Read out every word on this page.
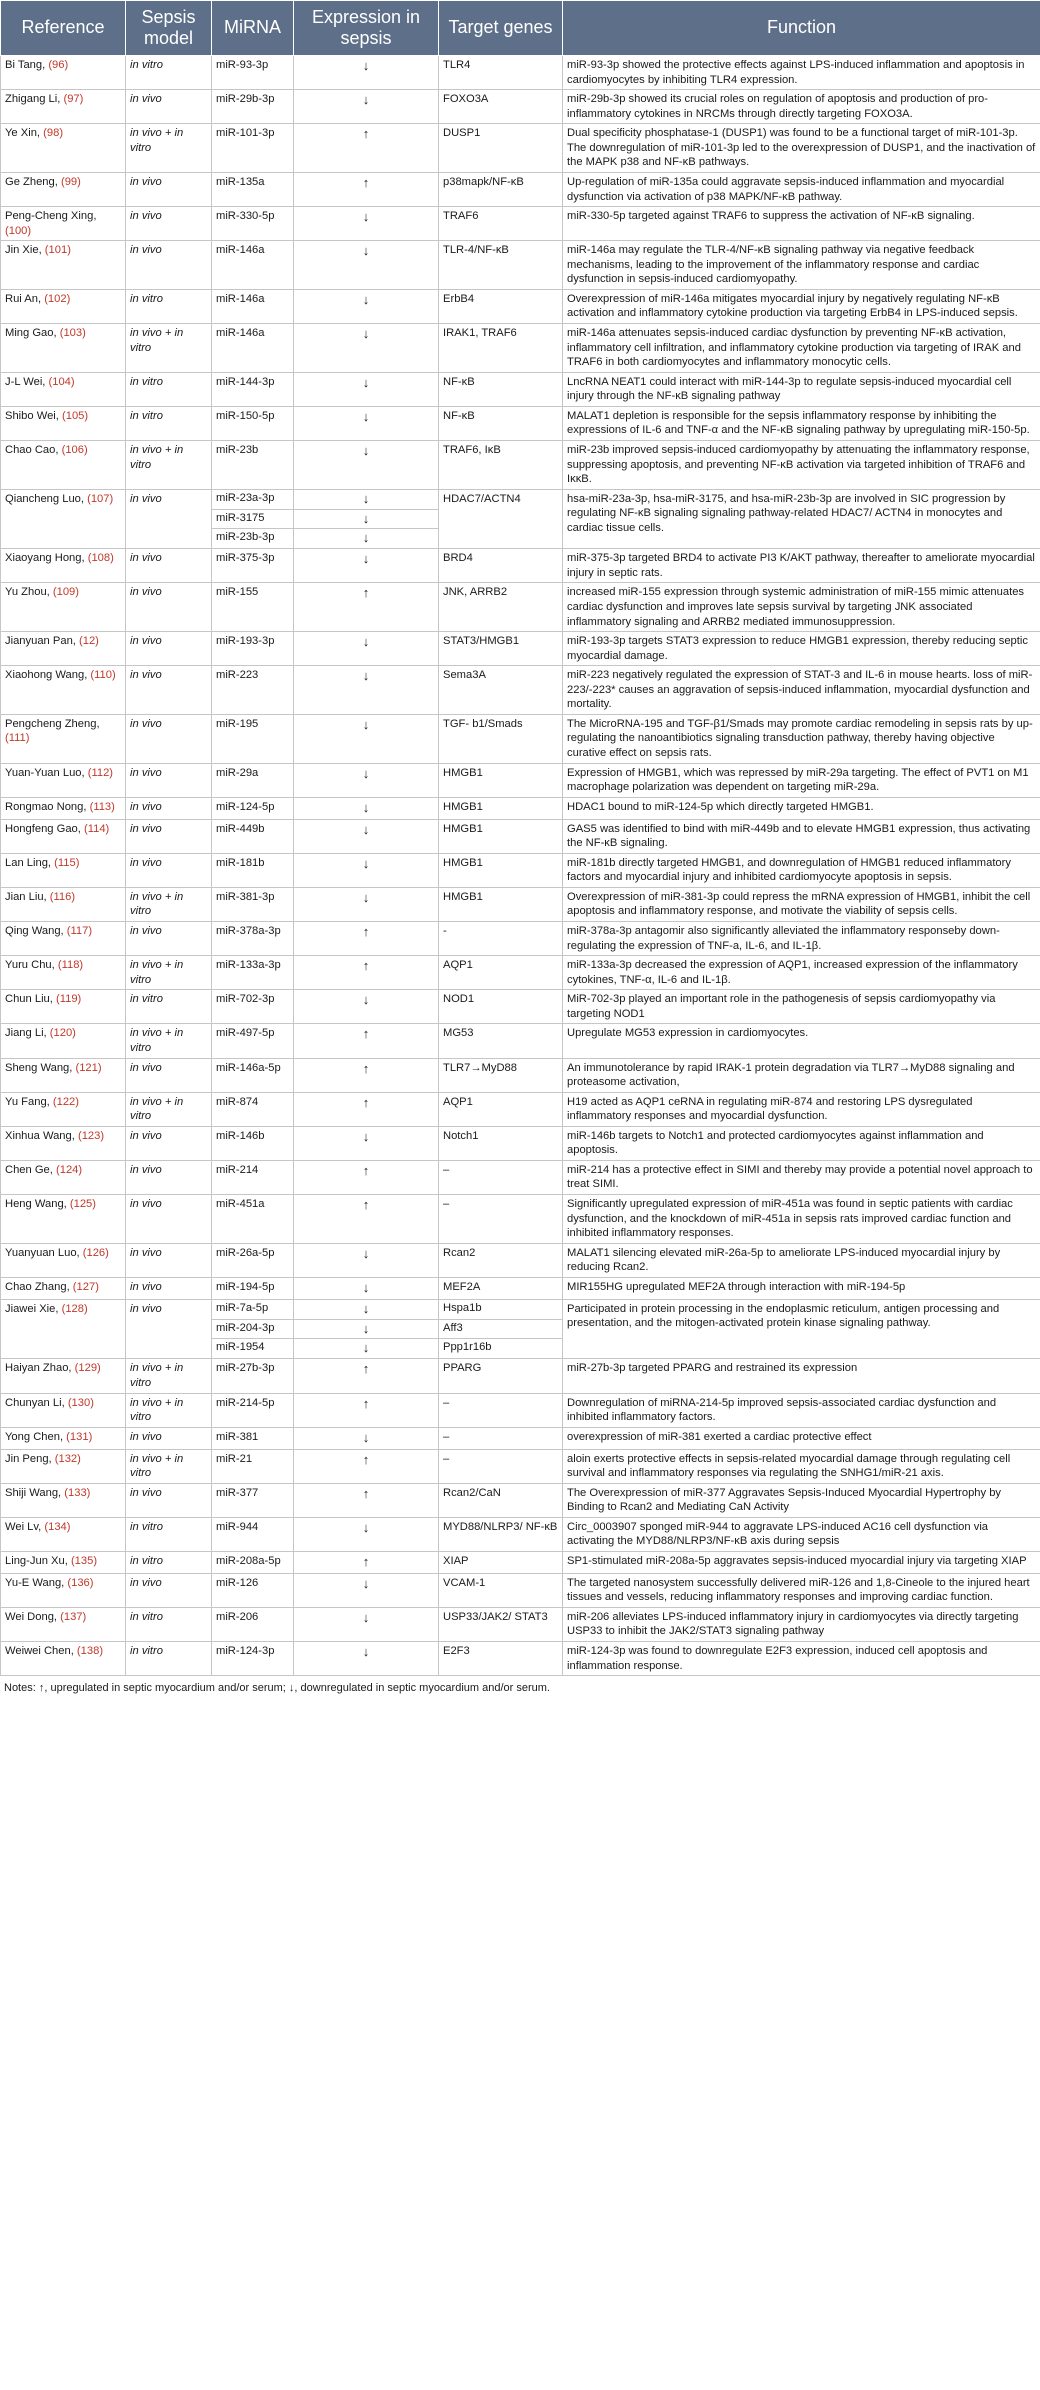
Reference	Sepsis model	MiRNA	Expression in sepsis	Target genes	Function
Bi Tang, (96)	in vitro	miR-93-3p	↓	TLR4	miR-93-3p showed the protective effects against LPS-induced inflammation and apoptosis in cardiomyocytes by inhibiting TLR4 expression.
Zhigang Li, (97)	in vivo	miR-29b-3p	↓	FOXO3A	miR-29b-3p showed its crucial roles on regulation of apoptosis and production of pro-inflammatory cytokines in NRCMs through directly targeting FOXO3A.
Ye Xin, (98)	in vivo + in vitro	miR-101-3p	↑	DUSP1	Dual specificity phosphatase-1 (DUSP1) was found to be a functional target of miR-101-3p. The downregulation of miR-101-3p led to the overexpression of DUSP1, and the inactivation of the MAPK p38 and NF-κB pathways.
Ge Zheng, (99)	in vivo	miR-135a	↑	p38mapk/NF-κB	Up-regulation of miR-135a could aggravate sepsis-induced inflammation and myocardial dysfunction via activation of p38 MAPK/NF-κB pathway.
Peng-Cheng Xing, (100)	in vivo	miR-330-5p	↓	TRAF6	miR-330-5p targeted against TRAF6 to suppress the activation of NF-κB signaling.
Jin Xie, (101)	in vivo	miR-146a	↓	TLR-4/NF-κB	miR-146a may regulate the TLR-4/NF-κB signaling pathway via negative feedback mechanisms, leading to the improvement of the inflammatory response and cardiac dysfunction in sepsis-induced cardiomyopathy.
Rui An, (102)	in vitro	miR-146a	↓	ErbB4	Overexpression of miR-146a mitigates myocardial injury by negatively regulating NF-κB activation and inflammatory cytokine production via targeting ErbB4 in LPS-induced sepsis.
Ming Gao, (103)	in vivo + in vitro	miR-146a	↓	IRAK1, TRAF6	miR-146a attenuates sepsis-induced cardiac dysfunction by preventing NF-κB activation, inflammatory cell infiltration, and inflammatory cytokine production via targeting of IRAK and TRAF6 in both cardiomyocytes and inflammatory monocytic cells.
J-L Wei, (104)	in vitro	miR-144-3p	↓	NF-κB	LncRNA NEAT1 could interact with miR-144-3p to regulate sepsis-induced myocardial cell injury through the NF-κB signaling pathway
Shibo Wei, (105)	in vitro	miR-150-5p	↓	NF-κB	MALAT1 depletion is responsible for the sepsis inflammatory response by inhibiting the expressions of IL-6 and TNF-α and the NF-κB signaling pathway by upregulating miR-150-5p.
Chao Cao, (106)	in vivo + in vitro	miR-23b	↓	TRAF6, IκB	miR-23b improved sepsis-induced cardiomyopathy by attenuating the inflammatory response, suppressing apoptosis, and preventing NF-κB activation via targeted inhibition of TRAF6 and IκκB.
Qiancheng Luo, (107)	in vivo	miR-23a-3p	↓	HDAC7/ACTN4	hsa-miR-23a-3p, hsa-miR-3175, and hsa-miR-23b-3p are involved in SIC progression by regulating NF-κB signaling signaling pathway-related HDAC7/ ACTN4 in monocytes and cardiac tissue cells.
		miR-3175	↓		
		miR-23b-3p	↓		
Xiaoyang Hong, (108)	in vivo	miR-375-3p	↓	BRD4	miR-375-3p targeted BRD4 to activate PI3 K/AKT pathway, thereafter to ameliorate myocardial injury in septic rats.
Yu Zhou, (109)	in vivo	miR-155	↑	JNK, ARRB2	increased miR-155 expression through systemic administration of miR-155 mimic attenuates cardiac dysfunction and improves late sepsis survival by targeting JNK associated inflammatory signaling and ARRB2 mediated immunosuppression.
Jianyuan Pan, (12)	in vivo	miR-193-3p	↓	STAT3/HMGB1	miR-193-3p targets STAT3 expression to reduce HMGB1 expression, thereby reducing septic myocardial damage.
Xiaohong Wang, (110)	in vivo	miR-223	↓	Sema3A	miR-223 negatively regulated the expression of STAT-3 and IL-6 in mouse hearts. loss of miR-223/-223* causes an aggravation of sepsis-induced inflammation, myocardial dysfunction and mortality.
Pengcheng Zheng, (111)	in vivo	miR-195	↓	TGF- b1/Smads	The MicroRNA-195 and TGF-β1/Smads may promote cardiac remodeling in sepsis rats by up-regulating the nanoantibiotics signaling transduction pathway, thereby having objective curative effect on sepsis rats.
Yuan-Yuan Luo, (112)	in vivo	miR-29a	↓	HMGB1	Expression of HMGB1, which was repressed by miR-29a targeting. The effect of PVT1 on M1 macrophage polarization was dependent on targeting miR-29a.
Rongmao Nong, (113)	in vivo	miR-124-5p	↓	HMGB1	HDAC1 bound to miR-124-5p which directly targeted HMGB1.
Hongfeng Gao, (114)	in vivo	miR-449b	↓	HMGB1	GAS5 was identified to bind with miR-449b and to elevate HMGB1 expression, thus activating the NF-κB signaling.
Lan Ling, (115)	in vivo	miR-181b	↓	HMGB1	miR-181b directly targeted HMGB1, and downregulation of HMGB1 reduced inflammatory factors and myocardial injury and inhibited cardiomyocyte apoptosis in sepsis.
Jian Liu, (116)	in vivo + in vitro	miR-381-3p	↓	HMGB1	Overexpression of miR-381-3p could repress the mRNA expression of HMGB1, inhibit the cell apoptosis and inflammatory response, and motivate the viability of sepsis cells.
Qing Wang, (117)	in vivo	miR-378a-3p	↑	-	miR-378a-3p antagomir also significantly alleviated the inflammatory responseby down-regulating the expression of TNF-a, IL-6, and IL-1β.
Yuru Chu, (118)	in vivo + in vitro	miR-133a-3p	↑	AQP1	miR-133a-3p decreased the expression of AQP1, increased expression of the inflammatory cytokines, TNF-α, IL-6 and IL-1β.
Chun Liu, (119)	in vitro	miR-702-3p	↓	NOD1	MiR-702-3p played an important role in the pathogenesis of sepsis cardiomyopathy via targeting NOD1
Jiang Li, (120)	in vivo + in vitro	miR-497-5p	↑	MG53	Upregulate MG53 expression in cardiomyocytes.
Sheng Wang, (121)	in vivo	miR-146a-5p	↑	TLR7→MyD88	An immunotolerance by rapid IRAK-1 protein degradation via TLR7→MyD88 signaling and proteasome activation,
Yu Fang, (122)	in vivo + in vitro	miR-874	↑	AQP1	H19 acted as AQP1 ceRNA in regulating miR-874 and restoring LPS dysregulated inflammatory responses and myocardial dysfunction.
Xinhua Wang, (123)	in vivo	miR-146b	↓	Notch1	miR-146b targets to Notch1 and protected cardiomyocytes against inflammation and apoptosis.
Chen Ge, (124)	in vivo	miR-214	↑	–	miR-214 has a protective effect in SIMI and thereby may provide a potential novel approach to treat SIMI.
Heng Wang, (125)	in vivo	miR-451a	↑	–	Significantly upregulated expression of miR-451a was found in septic patients with cardiac dysfunction, and the knockdown of miR-451a in sepsis rats improved cardiac function and inhibited inflammatory responses.
Yuanyuan Luo, (126)	in vivo	miR-26a-5p	↓	Rcan2	MALAT1 silencing elevated miR-26a-5p to ameliorate LPS-induced myocardial injury by reducing Rcan2.
Chao Zhang, (127)	in vivo	miR-194-5p	↓	MEF2A	MIR155HG upregulated MEF2A through interaction with miR-194-5p
Jiawei Xie, (128)	in vivo	miR-7a-5p	↓	Hspa1b	Participated in protein processing in the endoplasmic reticulum, antigen processing and presentation, and the mitogen-activated protein kinase signaling pathway.
		miR-204-3p	↓	Aff3	
		miR-1954	↓	Ppp1r16b	
Haiyan Zhao, (129)	in vivo + in vitro	miR-27b-3p	↑	PPARG	miR-27b-3p targeted PPARG and restrained its expression
Chunyan Li, (130)	in vivo + in vitro	miR-214-5p	↑	–	Downregulation of miRNA-214-5p improved sepsis-associated cardiac dysfunction and inhibited inflammatory factors.
Yong Chen, (131)	in vivo	miR-381	↓	–	overexpression of miR-381 exerted a cardiac protective effect
Jin Peng, (132)	in vivo + in vitro	miR-21	↑	–	aloin exerts protective effects in sepsis-related myocardial damage through regulating cell survival and inflammatory responses via regulating the SNHG1/miR-21 axis.
Shiji Wang, (133)	in vivo	miR-377	↑	Rcan2/CaN	The Overexpression of miR-377 Aggravates Sepsis-Induced Myocardial Hypertrophy by Binding to Rcan2 and Mediating CaN Activity
Wei Lv, (134)	in vitro	miR-944	↓	MYD88/NLRP3/ NF-κB	Circ_0003907 sponged miR-944 to aggravate LPS-induced AC16 cell dysfunction via activating the MYD88/NLRP3/NF-κB axis during sepsis
Ling-Jun Xu, (135)	in vitro	miR-208a-5p	↑	XIAP	SP1-stimulated miR-208a-5p aggravates sepsis-induced myocardial injury via targeting XIAP
Yu-E Wang, (136)	in vivo	miR-126	↓	VCAM-1	The targeted nanosystem successfully delivered miR-126 and 1,8-Cineole to the injured heart tissues and vessels, reducing inflammatory responses and improving cardiac function.
Wei Dong, (137)	in vitro	miR-206	↓	USP33/JAK2/ STAT3	miR-206 alleviates LPS-induced inflammatory injury in cardiomyocytes via directly targeting USP33 to inhibit the JAK2/STAT3 signaling pathway
Weiwei Chen, (138)	in vitro	miR-124-3p	↓	E2F3	miR-124-3p was found to downregulate E2F3 expression, induced cell apoptosis and inflammation response.
Notes: ↑, upregulated in septic myocardium and/or serum; ↓, downregulated in septic myocardium and/or serum.
